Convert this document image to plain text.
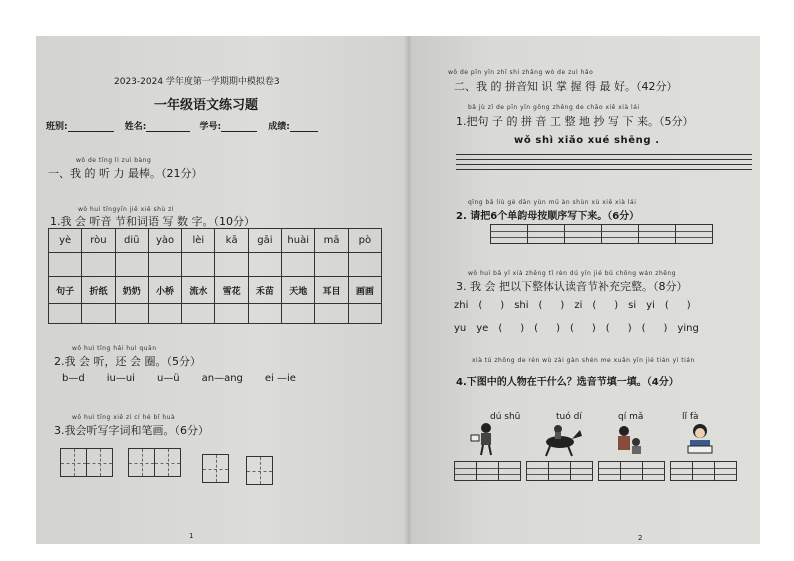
2023-2024 学年度第一学期期中模拟卷3
一年级语文练习题
班别:	姓名:	学号:	成绩:
wǒ de tīng lì zuì bàng
一、我 的 听 力 最棒。（21分）
wǒ huì tīngyīn jiě xiě shù zì
1.我 会 听音 节和词语 写 数 字。（10分）
yè	ròu	diū	yào	lèi	kā	gāi	huài	mā	pò

句子	折纸	奶奶	小桥	流水	雪花	禾苗	天地	耳目	画画

wǒ huì tīng hái huì quān
2.我 会 听，还 会 圈。（5分）
b—d iu—ui u—ü an—ang ei —ie
wǒ huì tīng xiě zì cí hé bǐ huà
3.我会听写字词和笔画。（6分）
1
wǒ de pīn yīn zhī shi zhǎng wò de zuì hǎo
二、我 的 拼音知 识 掌 握 得 最 好。（42分）
bǎ jù zǐ de pīn yīn gōng zhěng de chāo xiě xià lái
1.把句 子 的 拼 音 工 整 地 抄 写 下 来。（5分）
wǒ shì xiǎo xué shēng .
qǐng bǎ liù gè dān yùn mǔ àn shùn xù xiě xià lái
2. 请把6个单韵母按顺序写下来。（6分）
wǒ huì bǎ yǐ xià zhěng tǐ rèn dú yīn jié bǔ chōng wán zhěng
3. 我 会 把以下整体认读音节补充完整。（8分）
zhi ( ) shi ( ) zi ( ) si yi ( )
yu ye ( ) ( ) ( ) ( ) ( ) ying
xià tú zhōng de rén wù zài gàn shén me xuǎn yīn jié tián yì tián
4.下图中的人物在干什么？选音节填一填。（4分）
dú shū	tuó dí	qí mǎ	lǐ fà
2
